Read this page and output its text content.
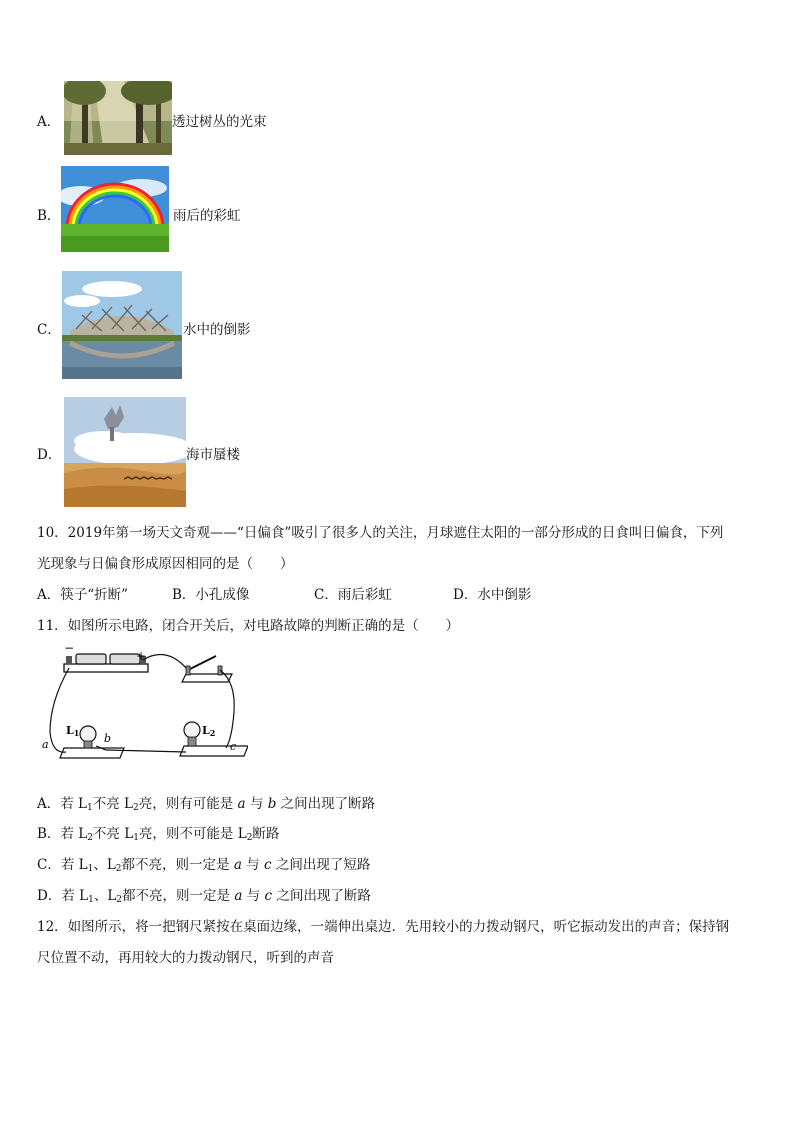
A．	透过树丛的光束
B．	雨后的彩虹
C．	水中的倒影
D．	海市蜃楼
10．2019年第一场天文奇观——“日偏食”吸引了很多人的关注，月球遮住太阳的一部分形成的日食叫日偏食，下列
光现象与日偏食形成原因相同的是（　　）
A．筷子“折断”	B．小孔成像	C．雨后彩虹	D．水中倒影
11．如图所示电路，闭合开关后，对电路故障的判断正确的是（　　）
−
+
L1	L2
a	b
c
A．若 $L_1$不亮 $L_2$亮，则有可能是 a 与 b 之间出现了断路
B．若 $L_2$不亮 $L_1$亮，则不可能是 $L_2$断路
C．若 $L_1$、$L_2$都不亮，则一定是 a 与 c 之间出现了短路
D．若 $L_1$、$L_2$都不亮，则一定是 a 与 c 之间出现了断路
12．如图所示，将一把钢尺紧按在桌面边缘，一端伸出桌边．先用较小的力拨动钢尺，听它振动发出的声音；保持钢
尺位置不动，再用较大的力拨动钢尺，听到的声音
